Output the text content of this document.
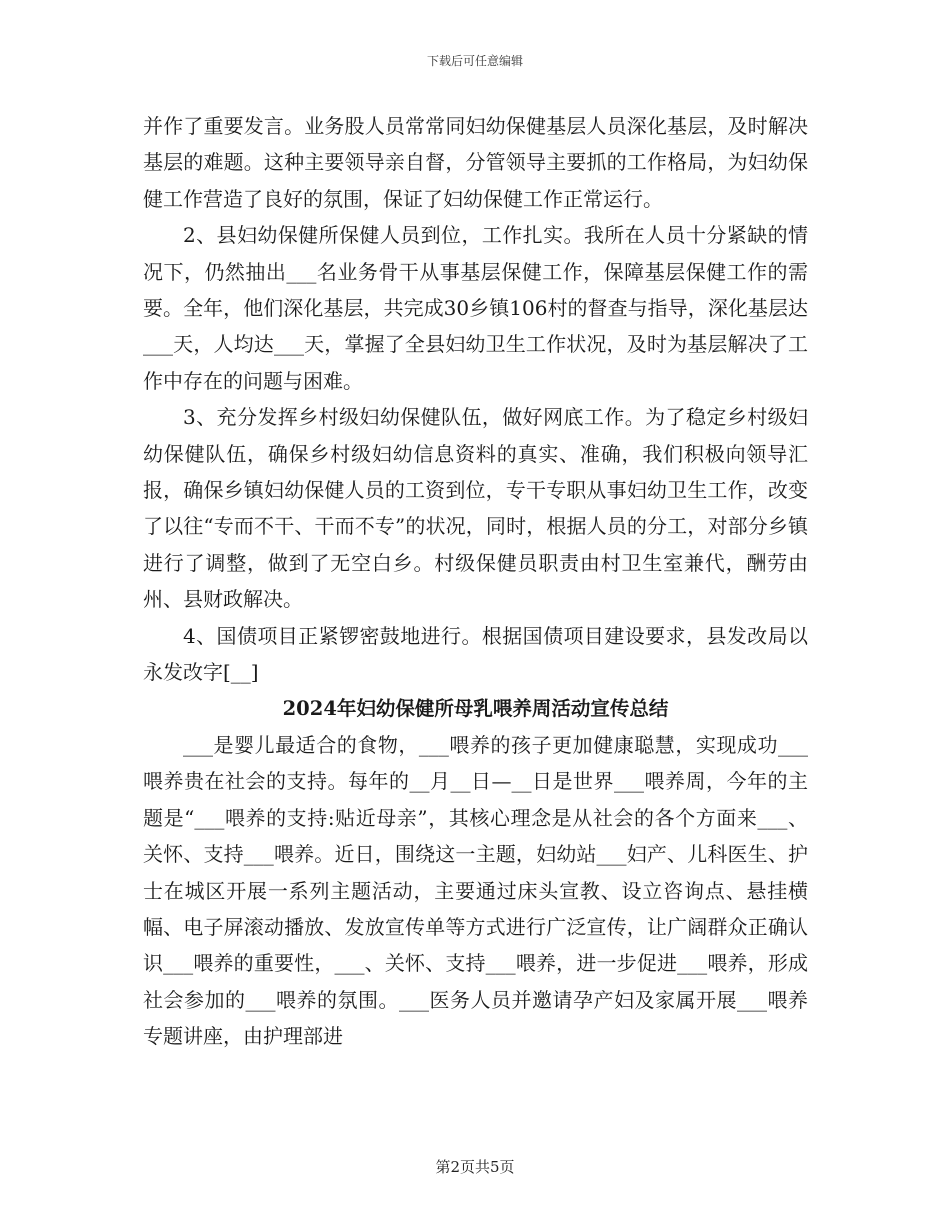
下载后可任意编辑

并作了重要发言。业务股人员常常同妇幼保健基层人员深化基层，及时解决基层的难题。这种主要领导亲自督，分管领导主要抓的工作格局，为妇幼保健工作营造了良好的氛围，保证了妇幼保健工作正常运行。

2、县妇幼保健所保健人员到位，工作扎实。我所在人员十分紧缺的情况下，仍然抽出___名业务骨干从事基层保健工作，保障基层保健工作的需要。全年，他们深化基层，共完成30乡镇106村的督查与指导，深化基层达___天，人均达___天，掌握了全县妇幼卫生工作状况，及时为基层解决了工作中存在的问题与困难。

3、充分发挥乡村级妇幼保健队伍，做好网底工作。为了稳定乡村级妇幼保健队伍，确保乡村级妇幼信息资料的真实、准确，我们积极向领导汇报，确保乡镇妇幼保健人员的工资到位，专干专职从事妇幼卫生工作，改变了以往“专而不干、干而不专”的状况，同时，根据人员的分工，对部分乡镇进行了调整，做到了无空白乡。村级保健员职责由村卫生室兼代，酬劳由州、县财政解决。

4、国债项目正紧锣密鼓地进行。根据国债项目建设要求，县发改局以永发改字[__]

2024年妇幼保健所母乳喂养周活动宣传总结

___是婴儿最适合的食物，___喂养的孩子更加健康聪慧，实现成功___喂养贵在社会的支持。每年的__月__日—__日是世界___喂养周，今年的主题是“___喂养的支持:贴近母亲”，其核心理念是从社会的各个方面来___、关怀、支持___喂养。近日，围绕这一主题，妇幼站___妇产、儿科医生、护士在城区开展一系列主题活动，主要通过床头宣教、设立咨询点、悬挂横幅、电子屏滚动播放、发放宣传单等方式进行广泛宣传，让广阔群众正确认识___喂养的重要性，___、关怀、支持___喂养，进一步促进___喂养，形成社会参加的___喂养的氛围。___医务人员并邀请孕产妇及家属开展___喂养专题讲座，由护理部进

第2页共5页
